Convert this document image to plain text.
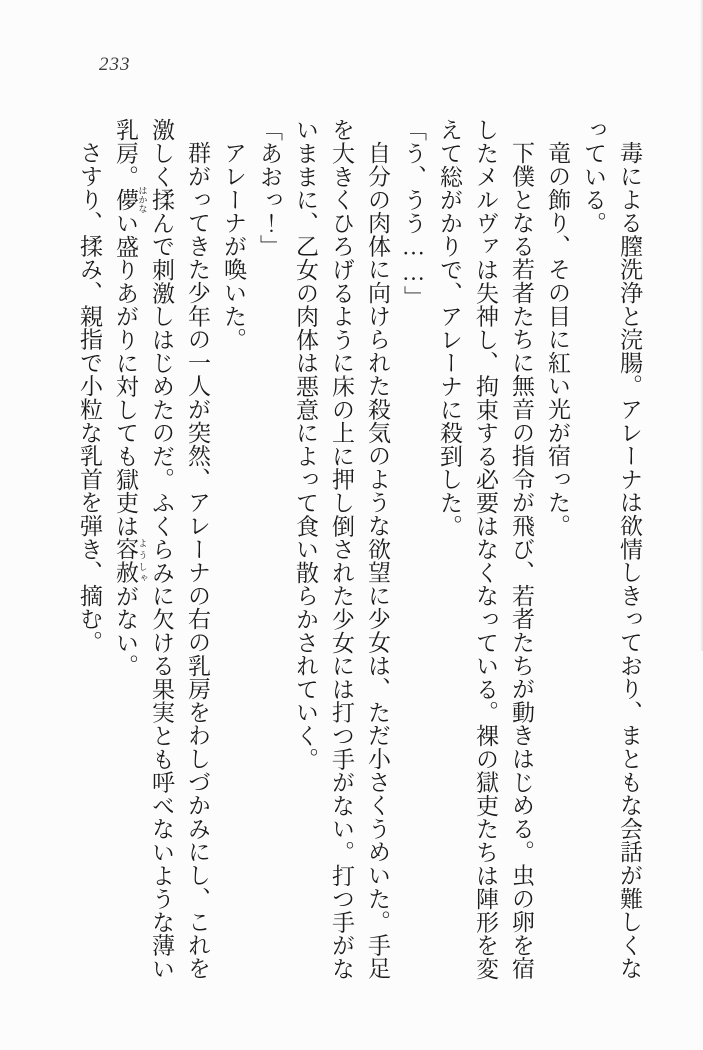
233

毒による膣洗浄と浣腸。アレーナは欲情しきっており、まともな会話が難しくなっている。

竜の飾り、その目に紅い光が宿った。

下僕となる若者たちに無音の指令が飛び、若者たちが動きはじめる。虫の卵を宿したメルヴァは失神し、拘束する必要はなくなっている。裸の獄吏たちは陣形を変えて総がかりで、アレーナに殺到した。

「う、うう……」

自分の肉体に向けられた殺気のような欲望に少女は、ただ小さくうめいた。手足を大きくひろげるように床の上に押し倒された少女には打つ手がない。打つ手がないままに、乙女の肉体は悪意によって食い散らかされていく。

「あおっ！」

アレーナが喚いた。

群がってきた少年の一人が突然、アレーナの右の乳房をわしづかみにし、これを激しく揉んで刺激しはじめたのだ。ふくらみに欠ける果実とも呼べないような薄い乳房。儚 はかない盛りあがりに対しても獄吏は容赦 ようしゃがない。

さすり、揉み、親指で小粒な乳首を弾き、摘む。
